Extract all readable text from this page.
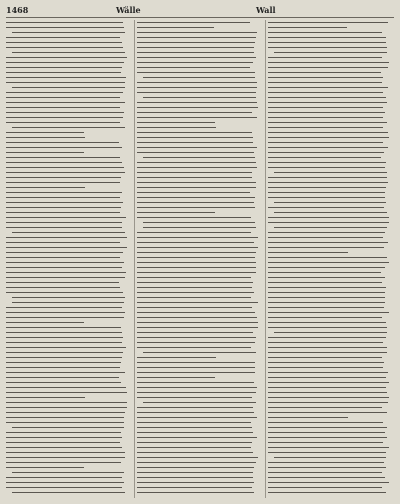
1468	Wälle	Wall
